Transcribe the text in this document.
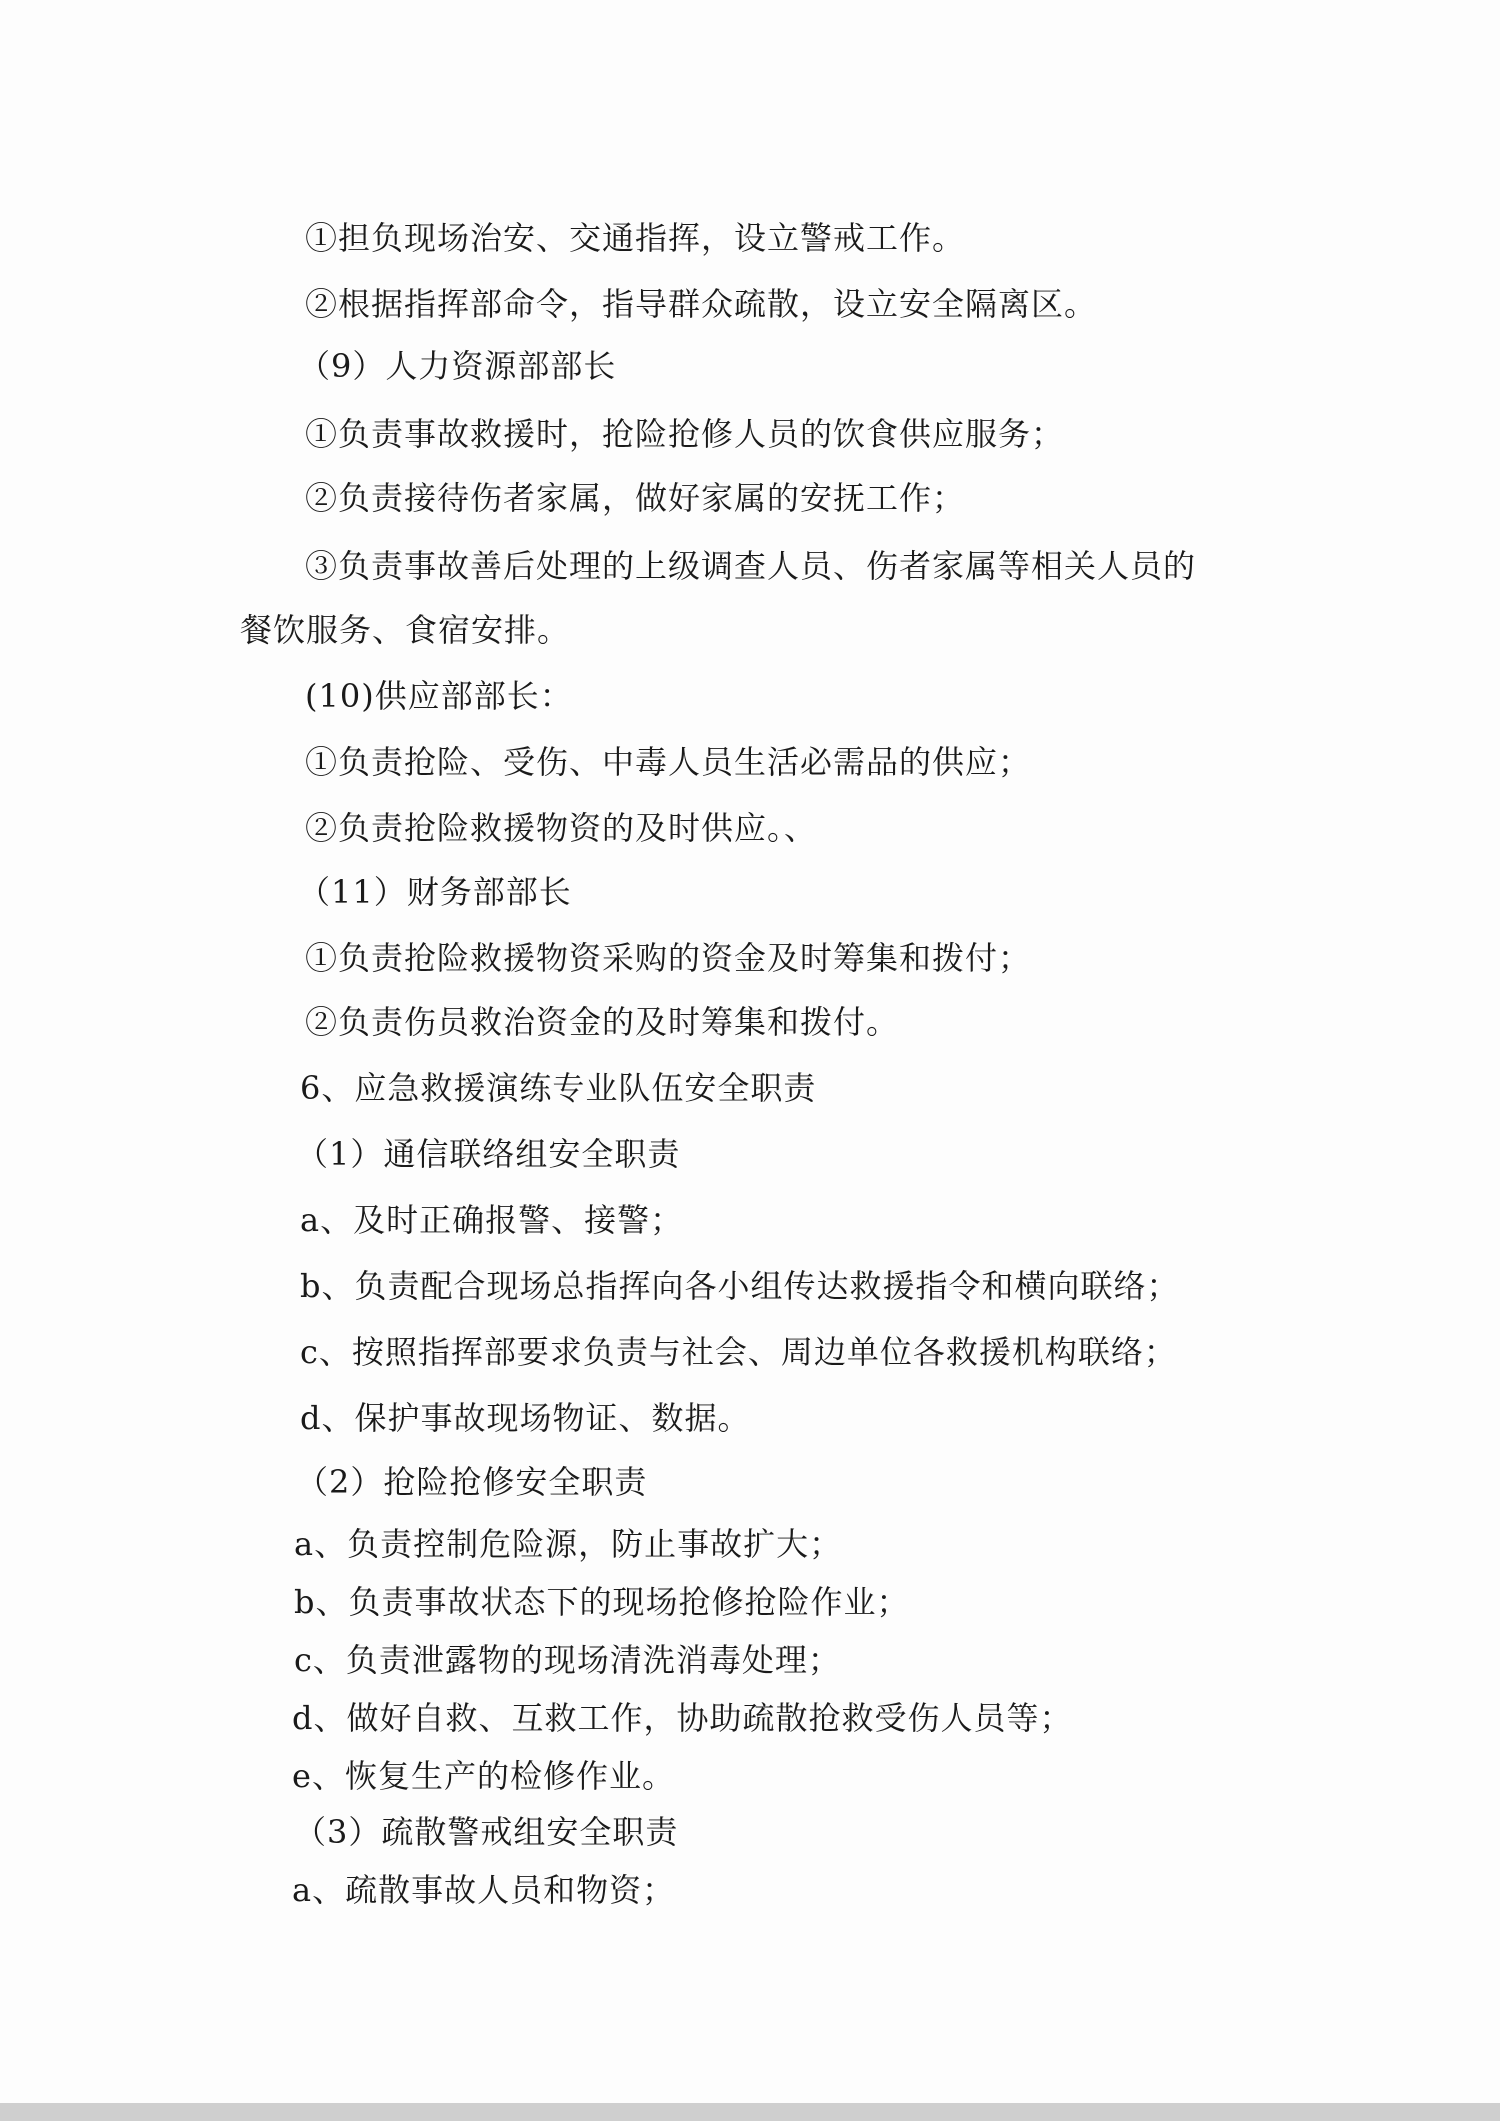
①担负现场治安、交通指挥，设立警戒工作。
②根据指挥部命令，指导群众疏散，设立安全隔离区。
（9）人力资源部部长
①负责事故救援时，抢险抢修人员的饮食供应服务；
②负责接待伤者家属，做好家属的安抚工作；
③负责事故善后处理的上级调查人员、伤者家属等相关人员的
餐饮服务、食宿安排。
(10)供应部部长：
①负责抢险、受伤、中毒人员生活必需品的供应；
②负责抢险救援物资的及时供应。、
（11）财务部部长
①负责抢险救援物资采购的资金及时筹集和拨付；
②负责伤员救治资金的及时筹集和拨付。
6、应急救援演练专业队伍安全职责
（1）通信联络组安全职责
a、及时正确报警、接警；
b、负责配合现场总指挥向各小组传达救援指令和横向联络；
c、按照指挥部要求负责与社会、周边单位各救援机构联络；
d、保护事故现场物证、数据。
（2）抢险抢修安全职责
a、负责控制危险源，防止事故扩大；
b、负责事故状态下的现场抢修抢险作业；
c、负责泄露物的现场清洗消毒处理；
d、做好自救、互救工作，协助疏散抢救受伤人员等；
e、恢复生产的检修作业。
（3）疏散警戒组安全职责
a、疏散事故人员和物资；
